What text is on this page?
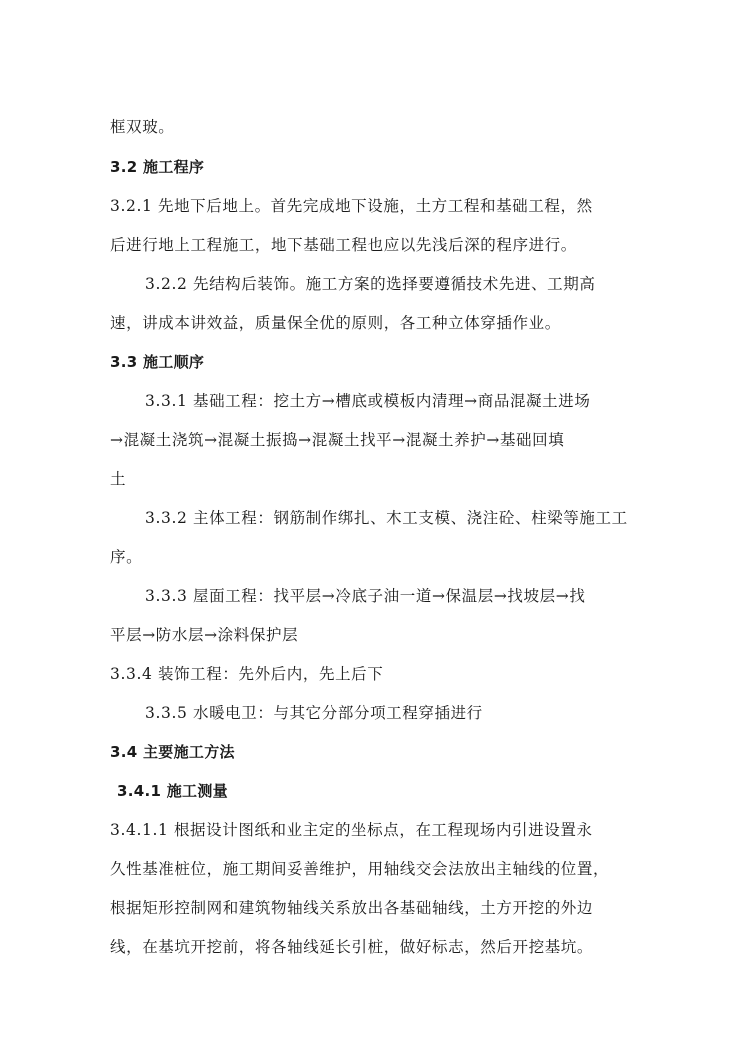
框双玻。
3.2 施工程序
3.2.1 先地下后地上。首先完成地下设施，土方工程和基础工程，然
后进行地上工程施工，地下基础工程也应以先浅后深的程序进行。
3.2.2 先结构后装饰。施工方案的选择要遵循技术先进、工期高
速，讲成本讲效益，质量保全优的原则，各工种立体穿插作业。
3.3 施工顺序
3.3.1 基础工程：挖土方→槽底或模板内清理→商品混凝土进场
→混凝土浇筑→混凝土振捣→混凝土找平→混凝土养护→基础回填
土
3.3.2 主体工程：钢筋制作绑扎、木工支模、浇注砼、柱梁等施工工
序。
3.3.3 屋面工程：找平层→冷底子油一道→保温层→找坡层→找
平层→防水层→涂料保护层
3.3.4 装饰工程：先外后内，先上后下
3.3.5 水暖电卫：与其它分部分项工程穿插进行
3.4 主要施工方法
3.4.1 施工测量
3.4.1.1 根据设计图纸和业主定的坐标点，在工程现场内引进设置永
久性基准桩位，施工期间妥善维护，用轴线交会法放出主轴线的位置，
根据矩形控制网和建筑物轴线关系放出各基础轴线，土方开挖的外边
线，在基坑开挖前，将各轴线延长引桩，做好标志，然后开挖基坑。
